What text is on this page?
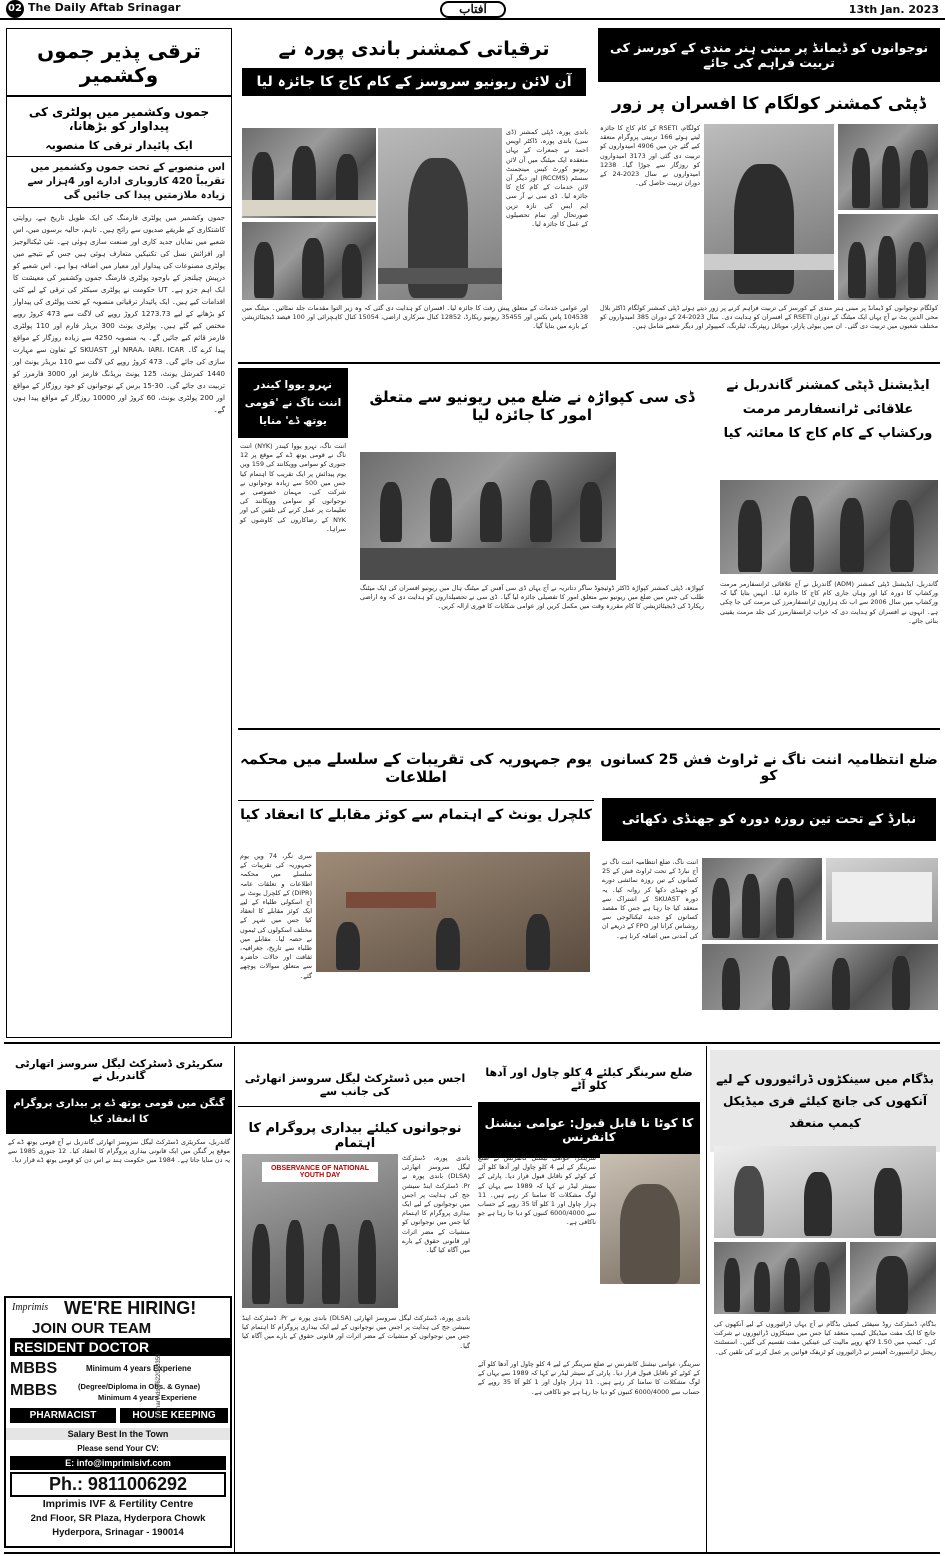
02 The Daily Aftab Srinagar	آفتاب	13th Jan. 2023
ترقی پذیر جموں وکشمیر
جموں وکشمیر میں پولٹری کی پیداوار کو بڑھانا،
ایک پائیدار ترقی کا منصوبہ
اس منصوبے کے تحت جموں وکشمیر میں تقریباً 420 کاروباری ادارے اور 4ہزار سے زیادہ ملازمتیں پیدا کی جائیں گی
جموں وکشمیر میں پولٹری فارمنگ کی ایک طویل تاریخ ہے، روایتی کاشتکاری کے طریقے صدیوں سے رائج ہیں۔ تاہم، حالیہ برسوں میں، اس شعبے میں نمایاں جدید کاری اور صنعت سازی ہوئی ہے۔ نئی ٹیکنالوجیز اور افزائش نسل کی تکنیکیں متعارف ہوئی ہیں جس کے نتیجے میں پولٹری مصنوعات کی پیداوار اور معیار میں اضافہ ہوا ہے۔ اس شعبے کو درپیش چیلنجز کے باوجود پولٹری فارمنگ جموں وکشمیر کی معیشت کا ایک اہم جزو ہے۔ UT حکومت نے پولٹری سیکٹر کی ترقی کے لیے کئی اقدامات کیے ہیں۔ ایک پائیدار ترقیاتی منصوبہ کے تحت پولٹری کی پیداوار کو بڑھانے کے لیے 1273.73 کروڑ روپے کی لاگت سے 473 کروڑ روپے مختص کیے گئے ہیں۔ پولٹری یونٹ 300 بریڈر فارم اور 110 پولٹری فارمز قائم کیے جائیں گے۔ یہ منصوبہ 4250 سے زیادہ روزگار کے مواقع پیدا کرے گا۔ NRAA، IARI، ICAR اور SKUAST کے تعاون سے مہارت سازی کی جائے گی۔ 473 کروڑ روپے کی لاگت سے 110 بریڈر یونٹ اور 1440 کمرشل یونٹ، 125 یونٹ بریڈنگ فارمز اور 3000 فارمرز کو تربیت دی جائے گی۔ 30-15 برس کے نوجوانوں کو خود روزگار کے مواقع اور 200 پولٹری یونٹ، 60 کروڑ اور 10000 روزگار کے مواقع پیدا ہوں گے۔
ترقیاتی کمشنر باندی پورہ نے
آن لائن ریونیو سروسز کے کام کاج کا جائزہ لیا
باندی پورہ، ڈپٹی کمشنر (ڈی سی) باندی پورہ، ڈاکٹر اویس احمد نے جمعرات کے یہاں منعقدہ ایک میٹنگ میں آن لائن ریونیو کورٹ کیس مینجمنٹ سسٹم (RCCMS) اور دیگر آن لائن خدمات کے کام کاج کا جائزہ لیا۔ ڈی سی نے آر سی ایم ایس کی تازہ ترین صورتحال اور تمام تحصیلوں کے عمل کا جائزہ لیا۔
اور عوامی خدمات کے متعلق پیش رفت کا جائزہ لیا۔ افسران کو ہدایت دی گئی کہ وہ زیر التوا مقدمات جلد نمٹائیں۔ میٹنگ میں 104538 پاس بکس اور 35455 ریونیو ریکارڈ، 12852 کنال سرکاری اراضی، 15054 کنال کاہچرائی اور 100 فیصد ڈیجیٹائزیشن کے بارے میں بتایا گیا۔
نوجوانوں کو ڈیمانڈ پر مبنی ہنر مندی کے کورسز کی تربیت فراہم کی جائے
ڈپٹی کمشنر کولگام کا افسران پر زور
کولگام، RSETI کے کام کاج کا جائزہ لیتے ہوئے 166 تربیتی پروگرام منعقد کیے گئے جن میں 4906 امیدواروں کو تربیت دی گئی اور 3173 امیدواروں کو روزگار سے جوڑا گیا۔ 1238 امیدواروں نے سال 2023-24 کے دوران تربیت حاصل کی۔
کولگام نوجوانوں کو ڈیمانڈ پر مبنی ہنر مندی کے کورسز کی تربیت فراہم کرنے پر زور دیتے ہوئے ڈپٹی کمشنر کولگام ڈاکٹر بلال محی الدین بٹ نے آج یہاں ایک میٹنگ کے دوران RSETI کے افسران کو ہدایت دی۔ سال 2023-24 کے دوران 385 امیدواروں کو مختلف شعبوں میں تربیت دی گئی۔ ان میں بیوٹی پارلر، موبائل ریپئرنگ، ٹیلرنگ، کمپیوٹر اور دیگر شعبے شامل ہیں۔
نہرو یووا کیندر اننت ناگ نے 'قومی یوتھ ڈے' منایا
اننت ناگ، نہرو یووا کیندر (NYK) اننت ناگ نے قومی یوتھ ڈے کے موقع پر 12 جنوری کو سوامی وویکانند کی 159 ویں یوم پیدائش پر ایک تقریب کا اہتمام کیا جس میں 500 سے زیادہ نوجوانوں نے شرکت کی۔ مہمان خصوصی نے نوجوانوں کو سوامی وویکانند کی تعلیمات پر عمل کرنے کی تلقین کی اور NYK کے رضاکاروں کی کاوشوں کو سراہا۔
ڈی سی کپواڑہ نے ضلع میں ریونیو سے متعلق امور کا جائزہ لیا
کپواڑہ، ڈپٹی کمشنر کپواڑہ ڈاکٹر ڈوئیجوڈ ساگر دتاتریہ نے آج یہاں ڈی سی آفس کے میٹنگ ہال میں ریونیو افسران کی ایک میٹنگ طلب کی جس میں ضلع میں ریونیو سے متعلق امور کا تفصیلی جائزہ لیا گیا۔ ڈی سی نے تحصیلداروں کو ہدایت دی کہ وہ اراضی ریکارڈ کی ڈیجیٹائزیشن کا کام مقررہ وقت میں مکمل کریں اور عوامی شکایات کا فوری ازالہ کریں۔
ایڈیشنل ڈپٹی کمشنر گاندربل نے علاقائی ٹرانسفارمر مرمت ورکشاپ کے کام کاج کا معائنہ کیا
گاندربل، ایڈیشنل ڈپٹی کمشنر (ADM) گاندربل نے آج علاقائی ٹرانسفارمر مرمت ورکشاپ کا دورہ کیا اور وہاں جاری کام کاج کا جائزہ لیا۔ انہیں بتایا گیا کہ ورکشاپ میں سال 2006 سے اب تک ہزاروں ٹرانسفارمرز کی مرمت کی جا چکی ہے۔ انہوں نے افسران کو ہدایت دی کہ خراب ٹرانسفارمرز کی جلد مرمت یقینی بنائی جائے۔
یوم جمہوریہ کی تقریبات کے سلسلے میں محکمہ اطلاعات
کلچرل یونٹ کے اہتمام سے کوئز مقابلے کا انعقاد کیا
سری نگر، 74 ویں یوم جمہوریہ کی تقریبات کے سلسلے میں محکمہ اطلاعات و تعلقات عامہ (DIPR) کے کلچرل یونٹ نے آج اسکولی طلباء کے لیے ایک کوئز مقابلے کا انعقاد کیا جس میں شہر کے مختلف اسکولوں کی ٹیموں نے حصہ لیا۔ مقابلے میں طلباء سے تاریخ، جغرافیہ، ثقافت اور حالات حاضرہ سے متعلق سوالات پوچھے گئے۔
ضلع انتظامیہ اننت ناگ نے ٹراوٹ فش 25 کسانوں کو
نبارڈ کے تحت تین روزہ دورہ کو جھنڈی دکھائی
اننت ناگ، ضلع انتظامیہ اننت ناگ نے آج نبارڈ کے تحت ٹراوٹ فش کے 25 کسانوں کے تین روزہ نمائشی دورے کو جھنڈی دکھا کر روانہ کیا۔ یہ دورہ SKUAST کے اشتراک سے منعقد کیا جا رہا ہے جس کا مقصد کسانوں کو جدید ٹیکنالوجی سے روشناس کرانا اور FPO کے ذریعے ان کی آمدنی میں اضافہ کرنا ہے۔
سکریٹری ڈسٹرکٹ لیگل سروسز اتھارٹی گاندربل نے
گنگن میں قومی یوتھ ڈے پر بیداری پروگرام کا انعقاد کیا
گاندربل، سکریٹری ڈسٹرکٹ لیگل سروسز اتھارٹی گاندربل نے آج قومی یوتھ ڈے کے موقع پر گنگن میں ایک قانونی بیداری پروگرام کا انعقاد کیا۔ 12 جنوری 1985 سے یہ دن منایا جاتا ہے۔ 1984 میں حکومت ہند نے اس دن کو قومی یوتھ ڈے قرار دیا۔
Imprimis WE'RE HIRING!
JOIN OUR TEAM
RESIDENT DOCTOR
MBBS	Minimum 4 years Experiene
MBBS	(Degree/Diploma in Obs. & Gynae)
Minimum 4 years Experiene
PHARMACIST	HOUSE KEEPING
Salary Best In the Town
Please send Your CV:
E: info@imprimisivf.com
Ph.: 9811006292
Imprimis IVF & Fertility Centre
2nd Floor, SR Plaza, Hyderpora Chowk
Hyderpora, Srinagar - 190014
Chinar Ads 9622048359
اجس میں ڈسٹرکٹ لیگل سروسز اتھارٹی کی جانب سے
نوجوانوں کیلئے بیداری پروگرام کا اہتمام
OBSERVANCE OF NATIONAL YOUTH DAY
باندی پورہ، ڈسٹرکٹ لیگل سروسز اتھارٹی (DLSA) باندی پورہ نے Pr. ڈسٹرکٹ اینڈ سیشن جج کی ہدایت پر اجس میں نوجوانوں کے لیے ایک بیداری پروگرام کا اہتمام کیا جس میں نوجوانوں کو منشیات کے مضر اثرات اور قانونی حقوق کے بارے میں آگاہ کیا گیا۔
باندی پورہ، ڈسٹرکٹ لیگل سروسز اتھارٹی (DLSA) باندی پورہ نے Pr. ڈسٹرکٹ اینڈ سیشن جج کی ہدایت پر اجس میں نوجوانوں کے لیے ایک بیداری پروگرام کا اہتمام کیا جس میں نوجوانوں کو منشیات کے مضر اثرات اور قانونی حقوق کے بارے میں آگاہ کیا گیا۔
ضلع سرینگر کیلئے 4 کلو چاول اور آدھا کلو آٹے
کا کوٹا نا قابل قبول: عوامی نیشنل کانفرنس
سرینگر، عوامی نیشنل کانفرنس نے ضلع سرینگر کے لیے 4 کلو چاول اور آدھا کلو آٹے کے کوٹے کو ناقابل قبول قرار دیا۔ پارٹی کے سینئر لیڈر نے کہا کہ 1989 سے یہاں کے لوگ مشکلات کا سامنا کر رہے ہیں۔ 11 ہزار چاول اور 1 کلو آٹا 35 روپے کے حساب سے 6000/4000 کنبوں کو دیا جا رہا ہے جو ناکافی ہے۔
سرینگر، عوامی نیشنل کانفرنس نے ضلع سرینگر کے لیے 4 کلو چاول اور آدھا کلو آٹے کے کوٹے کو ناقابل قبول قرار دیا۔ پارٹی کے سینئر لیڈر نے کہا کہ 1989 سے یہاں کے لوگ مشکلات کا سامنا کر رہے ہیں۔ 11 ہزار چاول اور 1 کلو آٹا 35 روپے کے حساب سے 6000/4000 کنبوں کو دیا جا رہا ہے جو ناکافی ہے۔
بڈگام میں سینکڑوں ڈرائیوروں کے لیے آنکھوں کی جانچ کیلئے فری میڈیکل کیمپ منعقد
بڈگام، ڈسٹرکٹ روڈ سیفٹی کمیٹی بڈگام نے آج یہاں ڈرائیوروں کے لیے آنکھوں کی جانچ کا ایک مفت میڈیکل کیمپ منعقد کیا جس میں سینکڑوں ڈرائیوروں نے شرکت کی۔ کیمپ میں 1.50 لاکھ روپے مالیت کی عینکیں مفت تقسیم کی گئیں۔ اسسٹنٹ ریجنل ٹرانسپورٹ آفیسر نے ڈرائیوروں کو ٹریفک قوانین پر عمل کرنے کی تلقین کی۔
